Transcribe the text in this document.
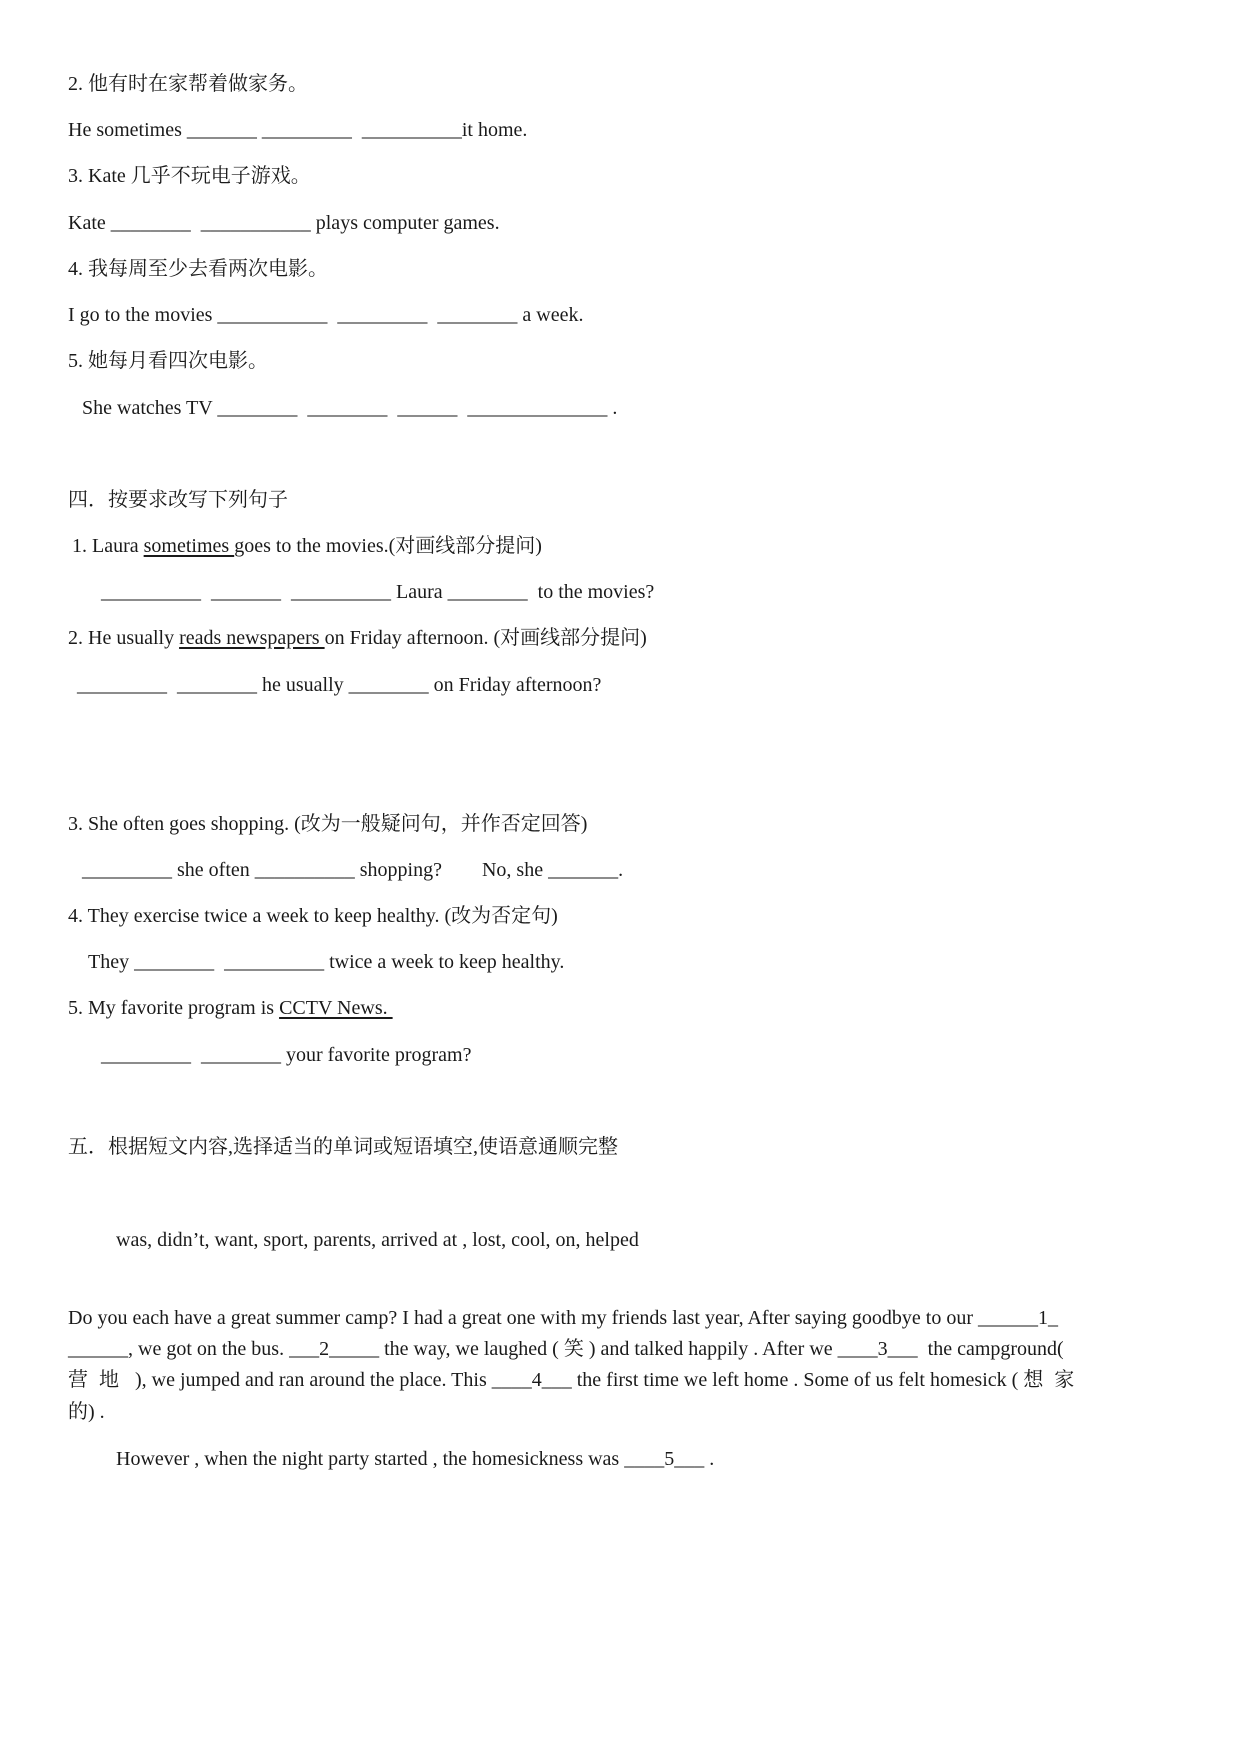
2. 他有时在家帮着做家务。
He sometimes _______ _________  __________it home.
3. Kate 几乎不玩电子游戏。
Kate ________  ___________ plays computer games.
4. 我每周至少去看两次电影。
I go to the movies ___________  _________  ________ a week.
5. 她每月看四次电影。
She watches TV ________  ________  ______  ______________ .
四．按要求改写下列句子
1. Laura sometimes goes to the movies.(对画线部分提问)
__________  _______  __________ Laura ________  to the movies?
2. He usually reads newspapers on Friday afternoon. (对画线部分提问)
_________  ________ he usually ________ on Friday afternoon?
3. She often goes shopping. (改为一般疑问句，并作否定回答)
_________ she often __________ shopping?        No, she _______.
4. They exercise twice a week to keep healthy. (改为否定句)
They ________  __________ twice a week to keep healthy.
5. My favorite program is CCTV News.
_________  ________ your favorite program?
五．根据短文内容,选择适当的单词或短语填空,使语意通顺完整
was, didn’t, want, sport, parents, arrived at , lost, cool, on, helped
Do you each have a great summer camp? I had a great one with my friends last year, After saying goodbye to our ______1_
______, we got on the bus. ___2_____ the way, we laughed ( 笑 ) and talked happily . After we ____3___  the campground(
营地 ), we jumped and ran around the place. This ____4___ the first time we left home . Some of us felt homesick ( 想家
的) .
However , when the night party started , the homesickness was ____5___ .
